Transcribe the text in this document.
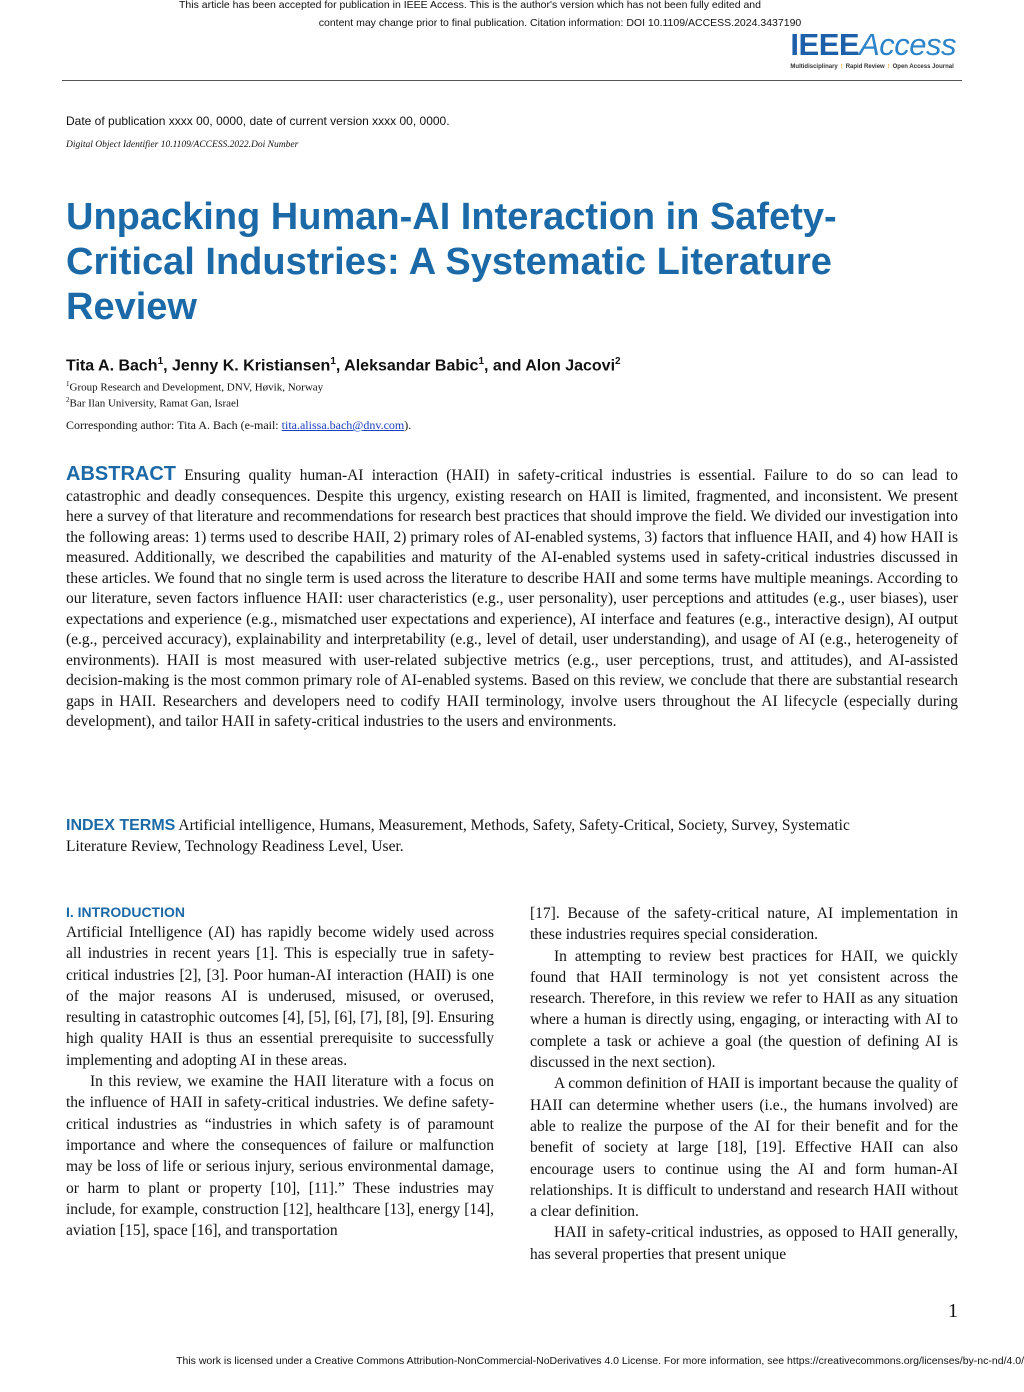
This article has been accepted for publication in IEEE Access. This is the author's version which has not been fully edited and
content may change prior to final publication. Citation information: DOI 10.1109/ACCESS.2024.3437190
IEEEAccess
Multidisciplinary ⁝ Rapid Review ⁝ Open Access Journal
Date of publication xxxx 00, 0000, date of current version xxxx 00, 0000.
Digital Object Identifier 10.1109/ACCESS.2022.Doi Number
Unpacking Human-AI Interaction in Safety-Critical Industries: A Systematic Literature Review
Tita A. Bach$^1$, Jenny K. Kristiansen$^1$, Aleksandar Babic$^1$, and Alon Jacovi$^2$
$^1$Group Research and Development, DNV, Høvik, Norway
$^2$Bar Ilan University, Ramat Gan, Israel
Corresponding author: Tita A. Bach (e-mail: tita.alissa.bach@dnv.com).
ABSTRACT Ensuring quality human-AI interaction (HAII) in safety-critical industries is essential. Failure to do so can lead to catastrophic and deadly consequences. Despite this urgency, existing research on HAII is limited, fragmented, and inconsistent. We present here a survey of that literature and recommendations for research best practices that should improve the field. We divided our investigation into the following areas: 1) terms used to describe HAII, 2) primary roles of AI-enabled systems, 3) factors that influence HAII, and 4) how HAII is measured. Additionally, we described the capabilities and maturity of the AI-enabled systems used in safety-critical industries discussed in these articles. We found that no single term is used across the literature to describe HAII and some terms have multiple meanings. According to our literature, seven factors influence HAII: user characteristics (e.g., user personality), user perceptions and attitudes (e.g., user biases), user expectations and experience (e.g., mismatched user expectations and experience), AI interface and features (e.g., interactive design), AI output (e.g., perceived accuracy), explainability and interpretability (e.g., level of detail, user understanding), and usage of AI (e.g., heterogeneity of environments). HAII is most measured with user-related subjective metrics (e.g., user perceptions, trust, and attitudes), and AI-assisted decision-making is the most common primary role of AI-enabled systems. Based on this review, we conclude that there are substantial research gaps in HAII. Researchers and developers need to codify HAII terminology, involve users throughout the AI lifecycle (especially during development), and tailor HAII in safety-critical industries to the users and environments.
INDEX TERMS Artificial intelligence, Humans, Measurement, Methods, Safety, Safety-Critical, Society, Survey, Systematic Literature Review, Technology Readiness Level, User.
I. INTRODUCTION

Artificial Intelligence (AI) has rapidly become widely used across all industries in recent years [1]. This is especially true in safety-critical industries [2], [3]. Poor human-AI interaction (HAII) is one of the major reasons AI is underused, misused, or overused, resulting in catastrophic outcomes [4], [5], [6], [7], [8], [9]. Ensuring high quality HAII is thus an essential prerequisite to successfully implementing and adopting AI in these areas.

In this review, we examine the HAII literature with a focus on the influence of HAII in safety-critical industries. We define safety-critical industries as “industries in which safety is of paramount importance and where the consequences of failure or malfunction may be loss of life or serious injury, serious environmental damage, or harm to plant or property [10], [11].” These industries may include, for example, construction [12], healthcare [13], energy [14], aviation [15], space [16], and transportation

[17]. Because of the safety-critical nature, AI implementation in these industries requires special consideration.

In attempting to review best practices for HAII, we quickly found that HAII terminology is not yet consistent across the research. Therefore, in this review we refer to HAII as any situation where a human is directly using, engaging, or interacting with AI to complete a task or achieve a goal (the question of defining AI is discussed in the next section).

A common definition of HAII is important because the quality of HAII can determine whether users (i.e., the humans involved) are able to realize the purpose of the AI for their benefit and for the benefit of society at large [18], [19]. Effective HAII can also encourage users to continue using the AI and form human-AI relationships. It is difficult to understand and research HAII without a clear definition.

HAII in safety-critical industries, as opposed to HAII generally, has several properties that present unique

1
This work is licensed under a Creative Commons Attribution-NonCommercial-NoDerivatives 4.0 License. For more information, see https://creativecommons.org/licenses/by-nc-nd/4.0/
